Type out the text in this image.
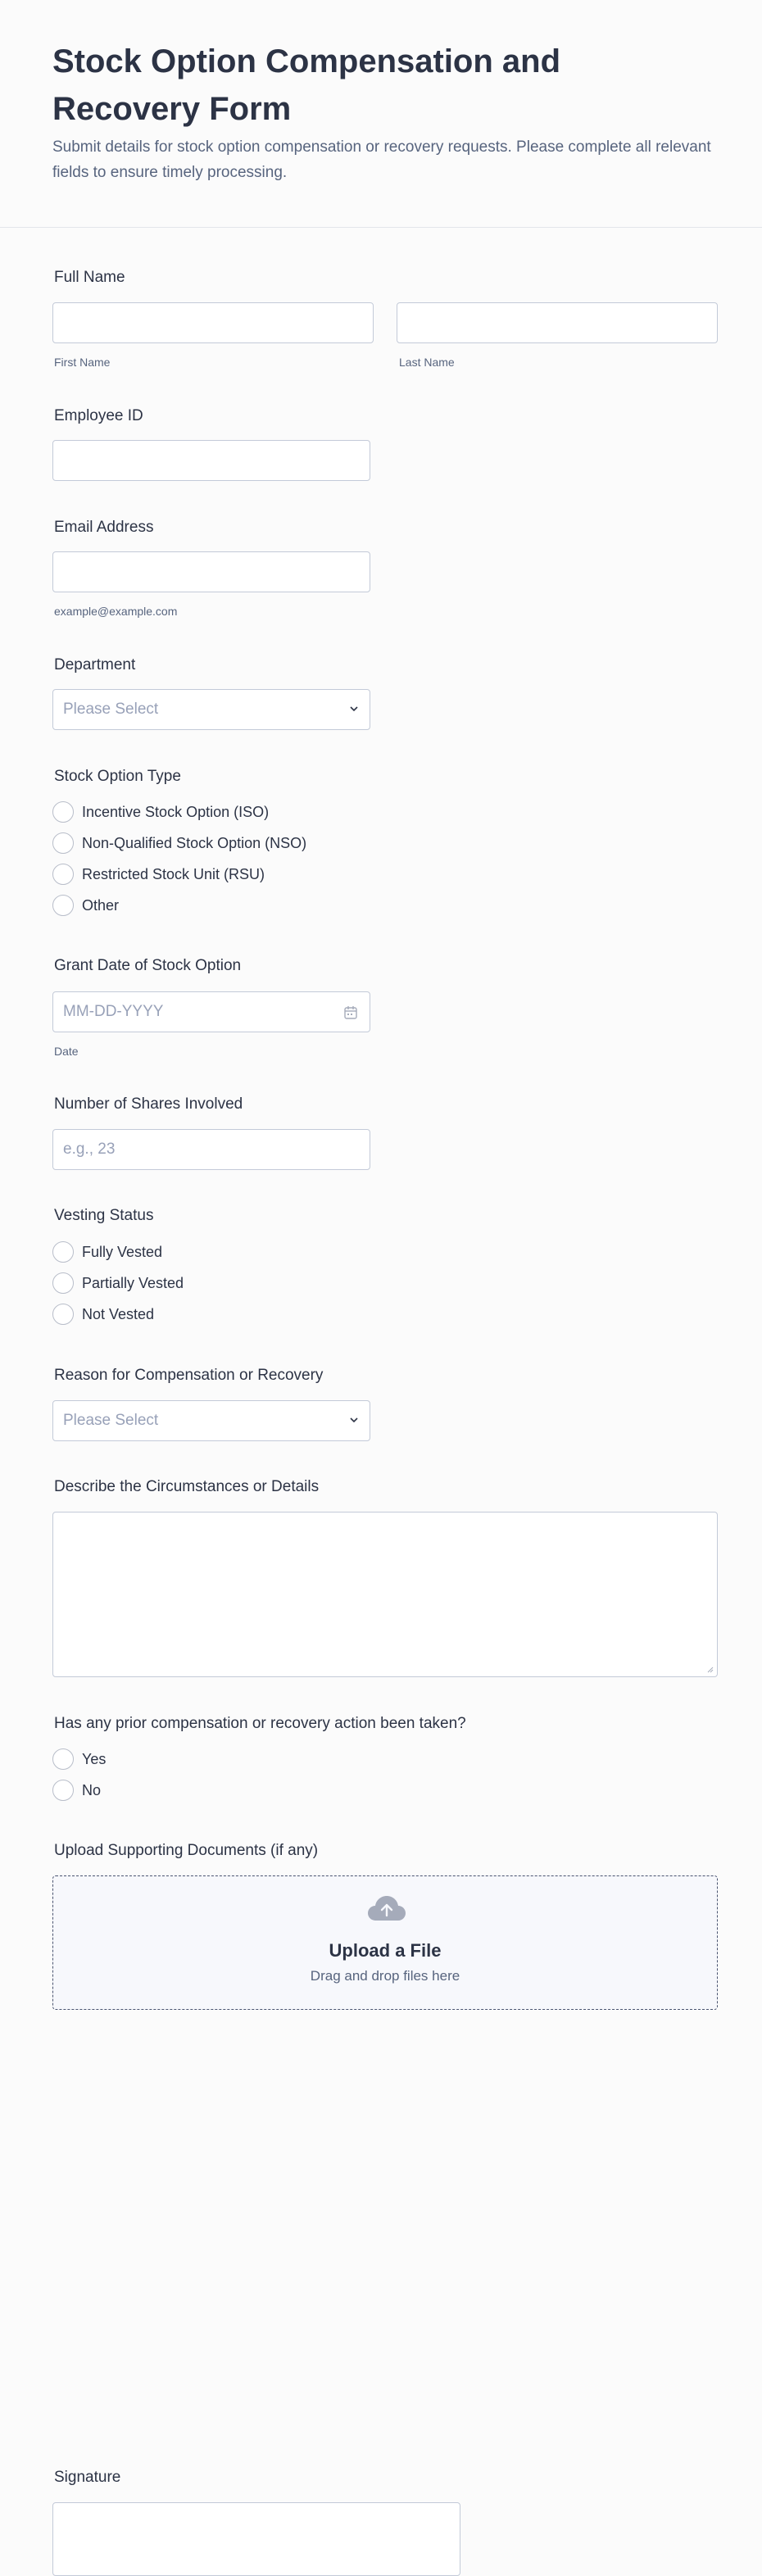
Stock Option Compensation and Recovery Form
Submit details for stock option compensation or recovery requests. Please complete all relevant fields to ensure timely processing.
Full Name
First Name	Last Name
Employee ID
Email Address
example@example.com
Department
Please Select
Stock Option Type
Incentive Stock Option (ISO)
Non-Qualified Stock Option (NSO)
Restricted Stock Unit (RSU)
Other
Grant Date of Stock Option
MM-DD-YYYY
Date
Number of Shares Involved
e.g., 23
Vesting Status
Fully Vested
Partially Vested
Not Vested
Reason for Compensation or Recovery
Please Select
Describe the Circumstances or Details
Has any prior compensation or recovery action been taken?
Yes
No
Upload Supporting Documents (if any)
Upload a File
Drag and drop files here
Signature
